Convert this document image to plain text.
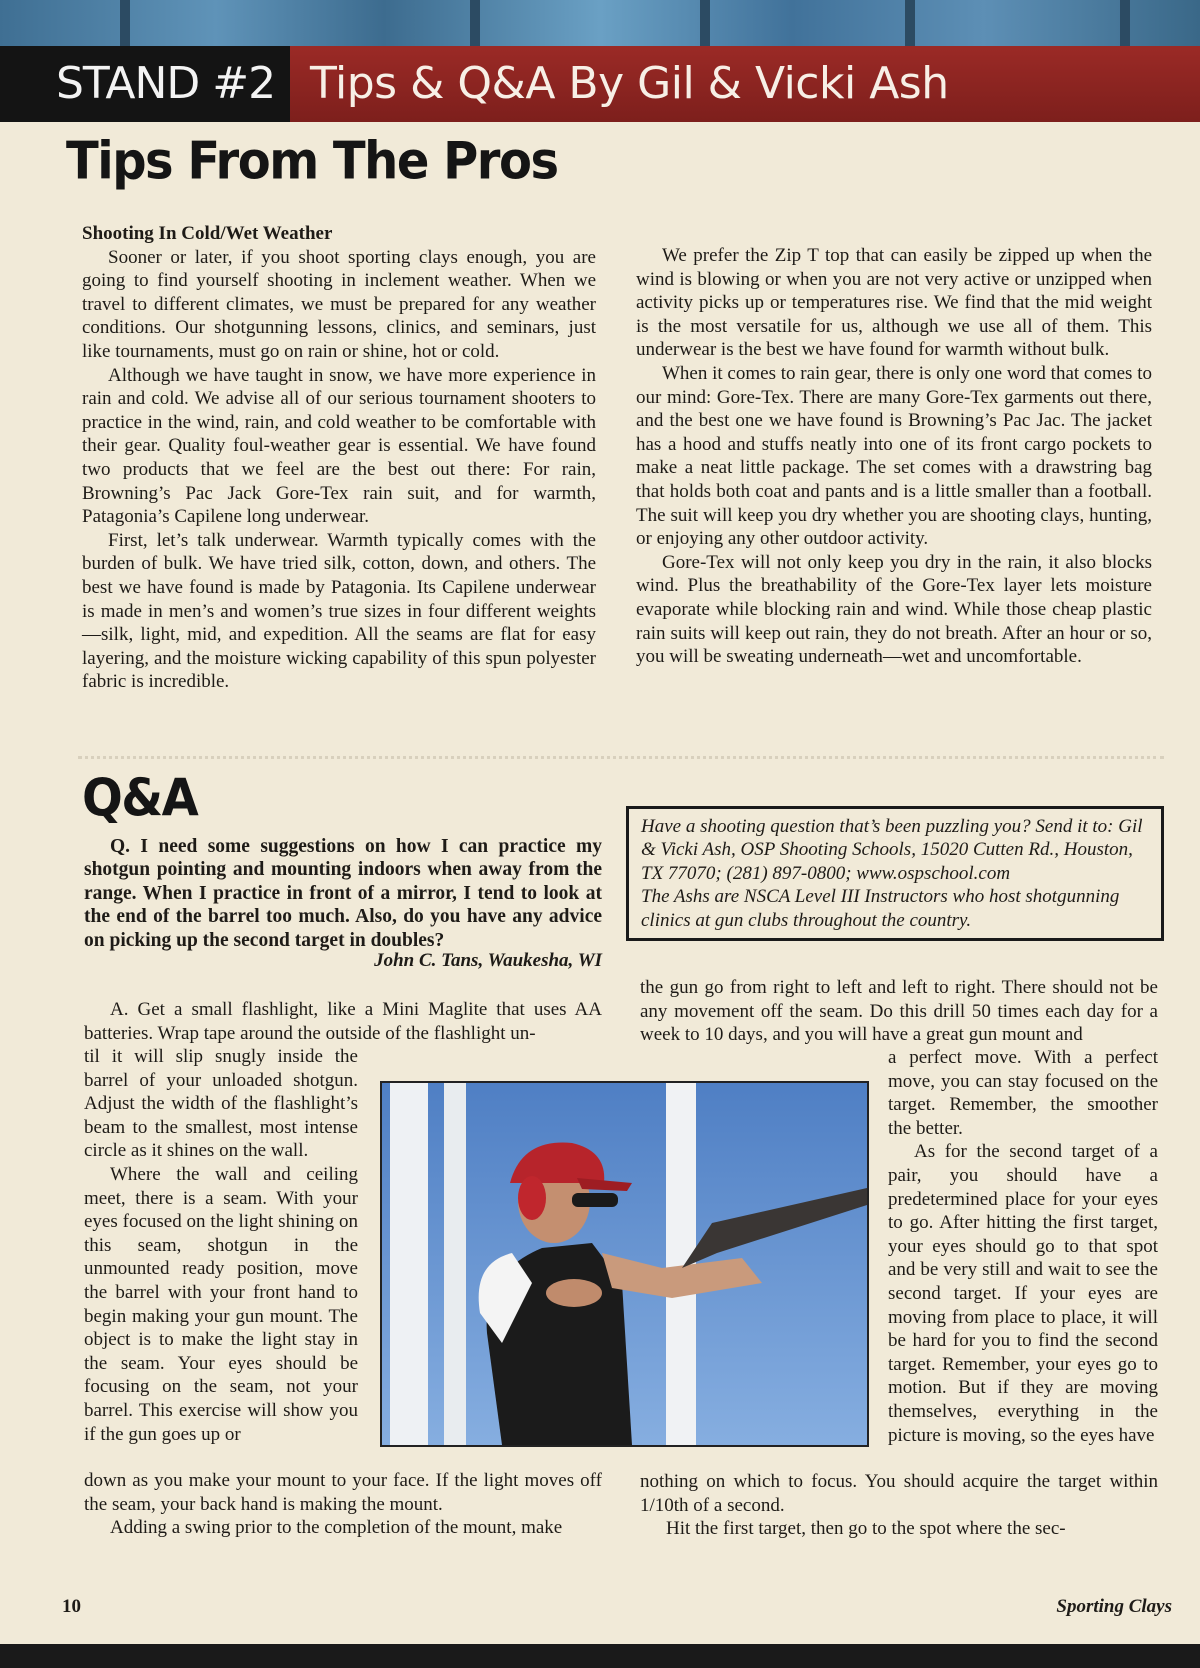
STAND #2 Tips & Q&A By Gil & Vicki Ash
Tips From The Pros

Shooting In Cold/Wet Weather

Sooner or later, if you shoot sporting clays enough, you are going to find yourself shooting in inclement weather. When we travel to different climates, we must be prepared for any weather conditions. Our shotgunning lessons, clinics, and seminars, just like tournaments, must go on rain or shine, hot or cold.

Although we have taught in snow, we have more experience in rain and cold. We advise all of our serious tournament shooters to practice in the wind, rain, and cold weather to be comfortable with their gear. Quality foul-weather gear is essential. We have found two products that we feel are the best out there: For rain, Browning’s Pac Jack Gore-Tex rain suit, and for warmth, Patagonia’s Capilene long underwear.

First, let’s talk underwear. Warmth typically comes with the burden of bulk. We have tried silk, cotton, down, and others. The best we have found is made by Patagonia. Its Capilene underwear is made in men’s and women’s true sizes in four different weights—silk, light, mid, and expedition. All the seams are flat for easy layering, and the moisture wicking capability of this spun polyester fabric is incredible.

We prefer the Zip T top that can easily be zipped up when the wind is blowing or when you are not very active or unzipped when activity picks up or temperatures rise. We find that the mid weight is the most versatile for us, although we use all of them. This underwear is the best we have found for warmth without bulk.

When it comes to rain gear, there is only one word that comes to our mind: Gore-Tex. There are many Gore-Tex garments out there, and the best one we have found is Browning’s Pac Jac. The jacket has a hood and stuffs neatly into one of its front cargo pockets to make a neat little package. The set comes with a drawstring bag that holds both coat and pants and is a little smaller than a football. The suit will keep you dry whether you are shooting clays, hunting, or enjoying any other outdoor activity.

Gore-Tex will not only keep you dry in the rain, it also blocks wind. Plus the breathability of the Gore-Tex layer lets moisture evaporate while blocking rain and wind. While those cheap plastic rain suits will keep out rain, they do not breath. After an hour or so, you will be sweating underneath—wet and uncomfortable.

Q&A

Q. I need some suggestions on how I can practice my shotgun pointing and mounting indoors when away from the range. When I practice in front of a mirror, I tend to look at the end of the barrel too much. Also, do you have any advice on picking up the second target in doubles?

John C. Tans, Waukesha, WI
Have a shooting question that’s been puzzling you? Send it to: Gil & Vicki Ash, OSP Shooting Schools, 15020 Cutten Rd., Houston, TX 77070; (281) 897-0800; www.ospschool.com
The Ashs are NSCA Level III Instructors who host shotgunning clinics at gun clubs throughout the country.

A. Get a small flashlight, like a Mini Maglite that uses AA batteries. Wrap tape around the outside of the flashlight un-

til it will slip snugly inside the barrel of your unloaded shotgun. Adjust the width of the flashlight’s beam to the smallest, most intense circle as it shines on the wall.

Where the wall and ceiling meet, there is a seam. With your eyes focused on the light shining on this seam, shotgun in the unmounted ready position, move the barrel with your front hand to begin making your gun mount. The object is to make the light stay in the seam. Your eyes should be focusing on the seam, not your barrel. This exercise will show you if the gun goes up or

down as you make your mount to your face. If the light moves off the seam, your back hand is making the mount.

Adding a swing prior to the completion of the mount, make

the gun go from right to left and left to right. There should not be any movement off the seam. Do this drill 50 times each day for a week to 10 days, and you will have a great gun mount and

a perfect move. With a perfect move, you can stay focused on the target. Remember, the smoother the better.

As for the second target of a pair, you should have a predetermined place for your eyes to go. After hitting the first target, your eyes should go to that spot and be very still and wait to see the second target. If your eyes are moving from place to place, it will be hard for you to find the second target. Remember, your eyes go to motion. But if they are moving themselves, everything in the picture is moving, so the eyes have

nothing on which to focus. You should acquire the target within 1/10th of a second.

Hit the first target, then go to the spot where the sec-

10	Sporting Clays
